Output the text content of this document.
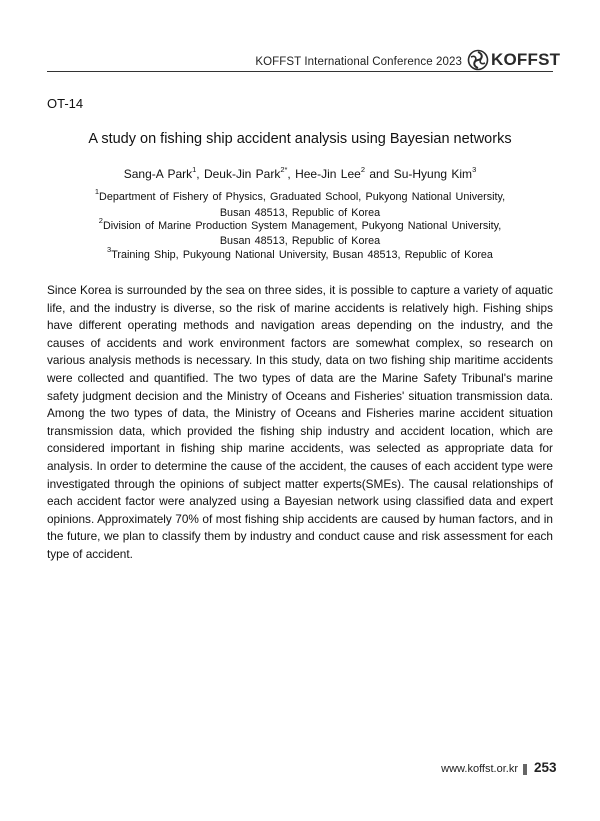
KOFFST International Conference 2023 KOFFST
OT-14
A study on fishing ship accident analysis using Bayesian networks
Sang-A Park$^1$, Deuk-Jin Park$^{2*}$, Hee-Jin Lee$^2$ and Su-Hyung Kim$^3$
$^1$Department of Fishery of Physics, Graduated School, Pukyong National University,
Busan 48513, Republic of Korea
$^2$Division of Marine Production System Management, Pukyong National University,
Busan 48513, Republic of Korea
$^3$Training Ship, Pukyoung National University, Busan 48513, Republic of Korea
Since Korea is surrounded by the sea on three sides, it is possible to capture a variety of aquatic life, and the industry is diverse, so the risk of marine accidents is relatively high. Fishing ships have different operating methods and navigation areas depending on the industry, and the causes of accidents and work environment factors are somewhat complex, so research on various analysis methods is necessary. In this study, data on two fishing ship maritime accidents were collected and quantified. The two types of data are the Marine Safety Tribunal's marine safety judgment decision and the Ministry of Oceans and Fisheries' situation transmission data. Among the two types of data, the Ministry of Oceans and Fisheries marine accident situation transmission data, which provided the fishing ship industry and accident location, which are considered important in fishing ship marine accidents, was selected as appropriate data for analysis. In order to determine the cause of the accident, the causes of each accident type were investigated through the opinions of subject matter experts(SMEs). The causal relationships of each accident factor were analyzed using a Bayesian network using classified data and expert opinions. Approximately 70% of most fishing ship accidents are caused by human factors, and in the future, we plan to classify them by industry and conduct cause and risk assessment for each type of accident.
www.koffst.or.kr 253
